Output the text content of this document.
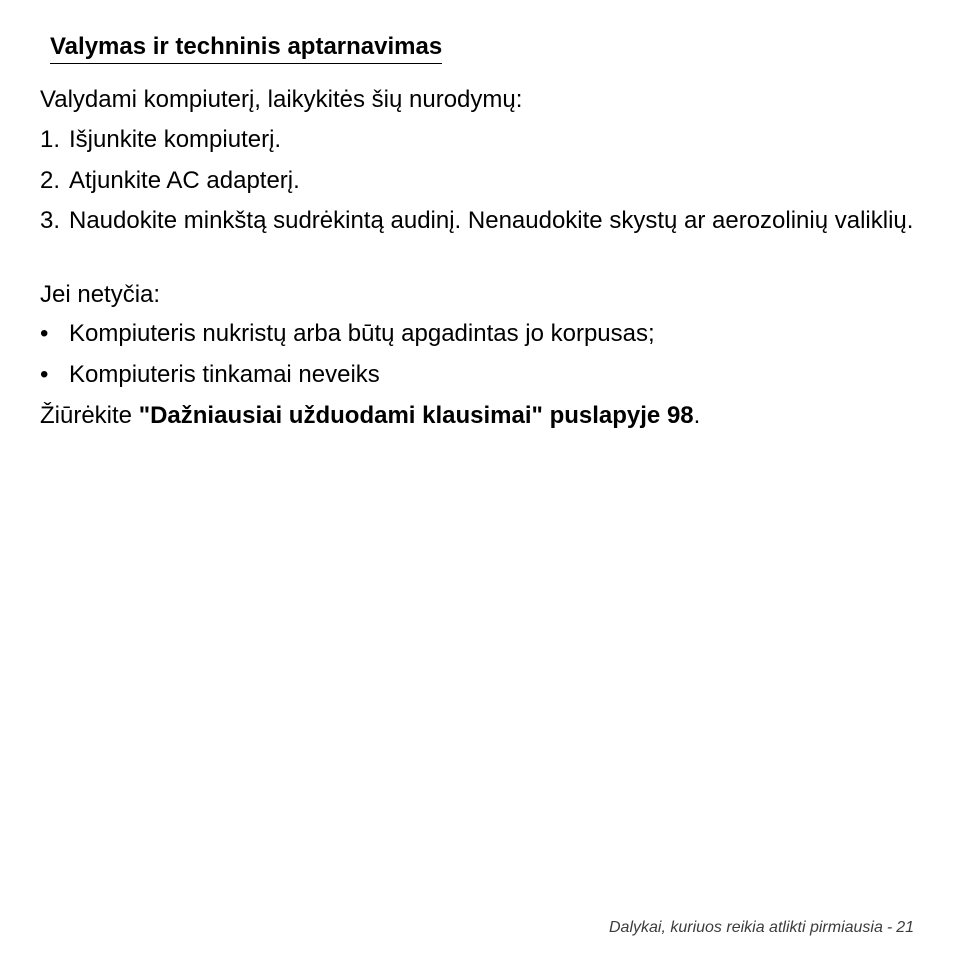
Valymas ir techninis aptarnavimas
Valydami kompiuterį, laikykitės šių nurodymų:
1. Išjunkite kompiuterį.
2. Atjunkite AC adapterį.
3. Naudokite minkštą sudrėkintą audinį. Nenaudokite skystų ar aerozolinių valiklių.
Jei netyčia:
• Kompiuteris nukristų arba būtų apgadintas jo korpusas;
• Kompiuteris tinkamai neveiks
Žiūrėkite "Dažniausiai užduodami klausimai" puslapyje 98.
Dalykai, kuriuos reikia atlikti pirmiausia - 21
